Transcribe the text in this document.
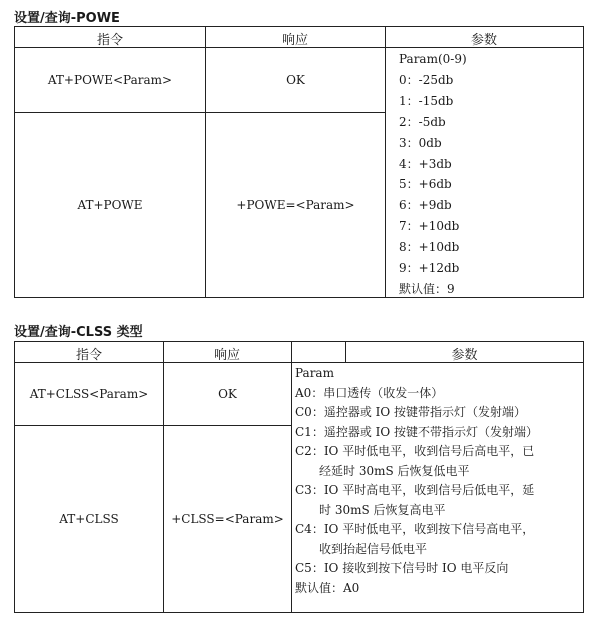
设置/查询-POWE
指令	响应	参数
AT+POWE<Param>	OK
AT+POWE	+POWE=<Param>
Param(0-9)
0：-25db
1：-15db
2：-5db
3：0db
4：+3db
5：+6db
6：+9db
7：+10db
8：+10db
9：+12db
默认值：9
设置/查询-CLSS 类型
指令	响应	参数
AT+CLSS<Param>	OK
AT+CLSS	+CLSS=<Param>
Param
A0：串口透传（收发一体）
C0：遥控器或 IO 按键带指示灯（发射端）
C1：遥控器或 IO 按键不带指示灯（发射端）
C2：IO 平时低电平，收到信号后高电平，已
经延时 30mS 后恢复低电平
C3：IO 平时高电平，收到信号后低电平，延
时 30mS 后恢复高电平
C4：IO 平时低电平，收到按下信号高电平，
收到抬起信号低电平
C5：IO 接收到按下信号时 IO 电平反向
默认值：A0
